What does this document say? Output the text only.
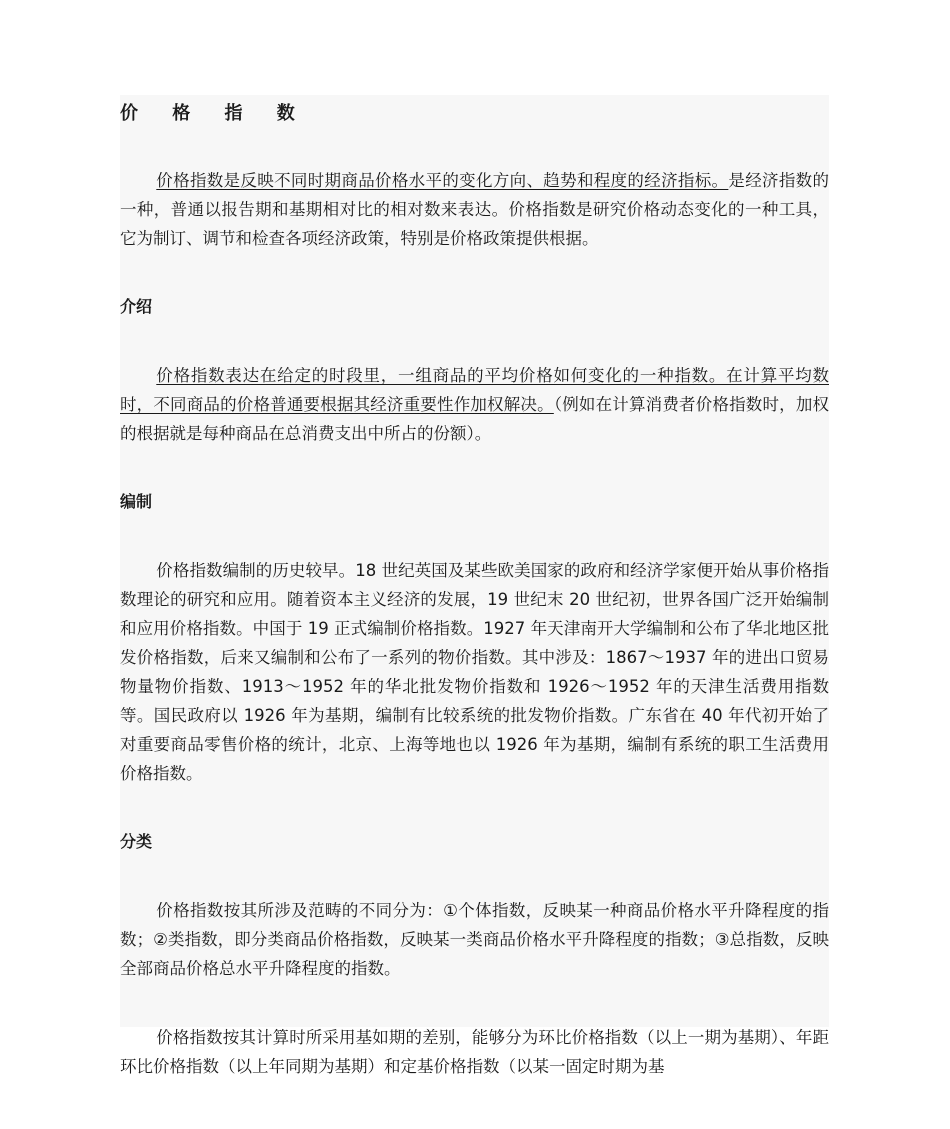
价 格 指 数

价格指数是反映不同时期商品价格水平的变化方向、趋势和程度的经济指标。是经济指数的一种，普通以报告期和基期相对比的相对数来表达。价格指数是研究价格动态变化的一种工具，它为制订、调节和检查各项经济政策，特别是价格政策提供根据。

介绍

价格指数表达在给定的时段里，一组商品的平均价格如何变化的一种指数。在计算平均数时，不同商品的价格普通要根据其经济重要性作加权解决。（例如在计算消费者价格指数时，加权的根据就是每种商品在总消费支出中所占的份额）。

编制

价格指数编制的历史较早。18 世纪英国及某些欧美国家的政府和经济学家便开始从事价格指数理论的研究和应用。随着资本主义经济的发展，19 世纪末 20 世纪初，世界各国广泛开始编制和应用价格指数。中国于 19 正式编制价格指数。1927 年天津南开大学编制和公布了华北地区批发价格指数，后来又编制和公布了一系列的物价指数。其中涉及：1867～1937 年的进出口贸易物量物价指数、1913～1952 年的华北批发物价指数和 1926～1952 年的天津生活费用指数等。国民政府以 1926 年为基期，编制有比较系统的批发物价指数。广东省在 40 年代初开始了对重要商品零售价格的统计，北京、上海等地也以 1926 年为基期，编制有系统的职工生活费用价格指数。

分类

价格指数按其所涉及范畴的不同分为：①个体指数，反映某一种商品价格水平升降程度的指数；②类指数，即分类商品价格指数，反映某一类商品价格水平升降程度的指数；③总指数，反映全部商品价格总水平升降程度的指数。

价格指数按其计算时所采用基如期的差别，能够分为环比价格指数（以上一期为基期）、年距环比价格指数（以上年同期为基期）和定基价格指数（以某一固定时期为基
